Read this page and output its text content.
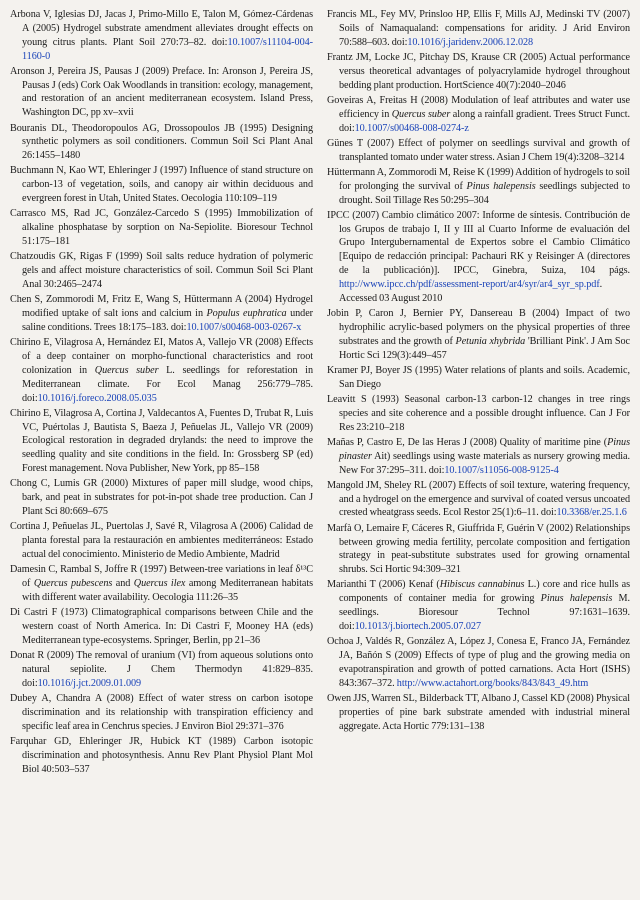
Arbona V, Iglesias DJ, Jacas J, Primo-Millo E, Talon M, Gómez-Cárdenas A (2005) Hydrogel substrate amendment alleviates drought effects on young citrus plants. Plant Soil 270:73–82. doi:10.1007/s11104-004-1160-0

Aronson J, Pereira JS, Pausas J (2009) Preface. In: Aronson J, Pereira JS, Pausas J (eds) Cork Oak Woodlands in transition: ecology, management, and restoration of an ancient mediterranean ecosystem. Island Press, Washington DC, pp xv–xvii

Bouranis DL, Theodoropoulos AG, Drossopoulos JB (1995) Designing synthetic polymers as soil conditioners. Commun Soil Sci Plant Anal 26:1455–1480

Buchmann N, Kao WT, Ehleringer J (1997) Influence of stand structure on carbon-13 of vegetation, soils, and canopy air within deciduous and evergreen forest in Utah, United States. Oecologia 110:109–119

Carrasco MS, Rad JC, González-Carcedo S (1995) Immobilization of alkaline phosphatase by sorption on Na-Sepiolite. Bioresour Technol 51:175–181

Chatzoudis GK, Rigas F (1999) Soil salts reduce hydration of polymeric gels and affect moisture characteristics of soil. Commun Soil Sci Plant Anal 30:2465–2474

Chen S, Zommorodi M, Fritz E, Wang S, Hüttermann A (2004) Hydrogel modified uptake of salt ions and calcium in Populus euphratica under saline conditions. Trees 18:175–183. doi:10.1007/s00468-003-0267-x

Chirino E, Vilagrosa A, Hernández EI, Matos A, Vallejo VR (2008) Effects of a deep container on morpho-functional characteristics and root colonization in Quercus suber L. seedlings for reforestation in Mediterranean climate. For Ecol Manag 256:779–785. doi:10.1016/j.foreco.2008.05.035

Chirino E, Vilagrosa A, Cortina J, Valdecantos A, Fuentes D, Trubat R, Luis VC, Puértolas J, Bautista S, Baeza J, Peñuelas JL, Vallejo VR (2009) Ecological restoration in degraded drylands: the need to improve the seedling quality and site conditions in the field. In: Grossberg SP (ed) Forest management. Nova Publisher, New York, pp 85–158

Chong C, Lumis GR (2000) Mixtures of paper mill sludge, wood chips, bark, and peat in substrates for pot-in-pot shade tree production. Can J Plant Sci 80:669–675

Cortina J, Peñuelas JL, Puertolas J, Savé R, Vilagrosa A (2006) Calidad de planta forestal para la restauración en ambientes mediterráneos: Estado actual del conocimiento. Ministerio de Medio Ambiente, Madrid

Damesin C, Rambal S, Joffre R (1997) Between-tree variations in leaf δ¹³C of Quercus pubescens and Quercus ilex among Mediterranean habitats with different water availability. Oecologia 111:26–35

Di Castri F (1973) Climatographical comparisons between Chile and the western coast of North America. In: Di Castri F, Mooney HA (eds) Mediterranean type-ecosystems. Springer, Berlin, pp 21–36

Donat R (2009) The removal of uranium (VI) from aqueous solutions onto natural sepiolite. J Chem Thermodyn 41:829–835. doi:10.1016/j.jct.2009.01.009

Dubey A, Chandra A (2008) Effect of water stress on carbon isotope discrimination and its relationship with transpiration efficiency and specific leaf area in Cenchrus species. J Environ Biol 29:371–376

Farquhar GD, Ehleringer JR, Hubick KT (1989) Carbon isotopic discrimination and photosynthesis. Annu Rev Plant Physiol Plant Mol Biol 40:503–537

Francis ML, Fey MV, Prinsloo HP, Ellis F, Mills AJ, Medinski TV (2007) Soils of Namaqualand: compensations for aridity. J Arid Environ 70:588–603. doi:10.1016/j.jaridenv.2006.12.028

Frantz JM, Locke JC, Pitchay DS, Krause CR (2005) Actual performance versus theoretical advantages of polyacrylamide hydrogel throughout bedding plant production. HortScience 40(7):2040–2046

Goveiras A, Freitas H (2008) Modulation of leaf attributes and water use efficiency in Quercus suber along a rainfall gradient. Trees Struct Funct. doi:10.1007/s00468-008-0274-z

Günes T (2007) Effect of polymer on seedlings survival and growth of transplanted tomato under water stress. Asian J Chem 19(4):3208–3214

Hüttermann A, Zommorodi M, Reise K (1999) Addition of hydrogels to soil for prolonging the survival of Pinus halepensis seedlings subjected to drought. Soil Tillage Res 50:295–304

IPCC (2007) Cambio climático 2007: Informe de síntesis. Contribución de los Grupos de trabajo I, II y III al Cuarto Informe de evaluación del Grupo Intergubernamental de Expertos sobre el Cambio Climático [Equipo de redacción principal: Pachauri RK y Reisinger A (directores de la publicación)]. IPCC, Ginebra, Suiza, 104 págs. http://www.ipcc.ch/pdf/assessment-report/ar4/syr/ar4_syr_sp.pdf. Accessed 03 August 2010

Jobin P, Caron J, Bernier PY, Dansereau B (2004) Impact of two hydrophilic acrylic-based polymers on the physical properties of three substrates and the growth of Petunia xhybrida 'Brilliant Pink'. J Am Soc Hortic Sci 129(3):449–457

Kramer PJ, Boyer JS (1995) Water relations of plants and soils. Academic, San Diego

Leavitt S (1993) Seasonal carbon-13 carbon-12 changes in tree rings species and site coherence and a possible drought influence. Can J For Res 23:210–218

Mañas P, Castro E, De las Heras J (2008) Quality of maritime pine (Pinus pinaster Ait) seedlings using waste materials as nursery growing media. New For 37:295–311. doi:10.1007/s11056-008-9125-4

Mangold JM, Sheley RL (2007) Effects of soil texture, watering frequency, and a hydrogel on the emergence and survival of coated versus uncoated crested wheatgrass seeds. Ecol Restor 25(1):6–11. doi:10.3368/er.25.1.6

Marfà O, Lemaire F, Cáceres R, Giuffrida F, Guérin V (2002) Relationships between growing media fertility, percolate composition and fertigation strategy in peat-substitute substrates used for growing ornamental shrubs. Sci Hortic 94:309–321

Marianthi T (2006) Kenaf (Hibiscus cannabinus L.) core and rice hulls as components of container media for growing Pinus halepensis M. seedlings. Bioresour Technol 97:1631–1639. doi:10.1013/j.biortech.2005.07.027

Ochoa J, Valdés R, González A, López J, Conesa E, Franco JA, Fernández JA, Bañón S (2009) Effects of type of plug and the growing media on evapotranspiration and growth of potted carnations. Acta Hort (ISHS) 843:367–372. http://www.actahort.org/books/843/843_49.htm

Owen JJS, Warren SL, Bilderback TT, Albano J, Cassel KD (2008) Physical properties of pine bark substrate amended with industrial mineral aggregate. Acta Hortic 779:131–138
